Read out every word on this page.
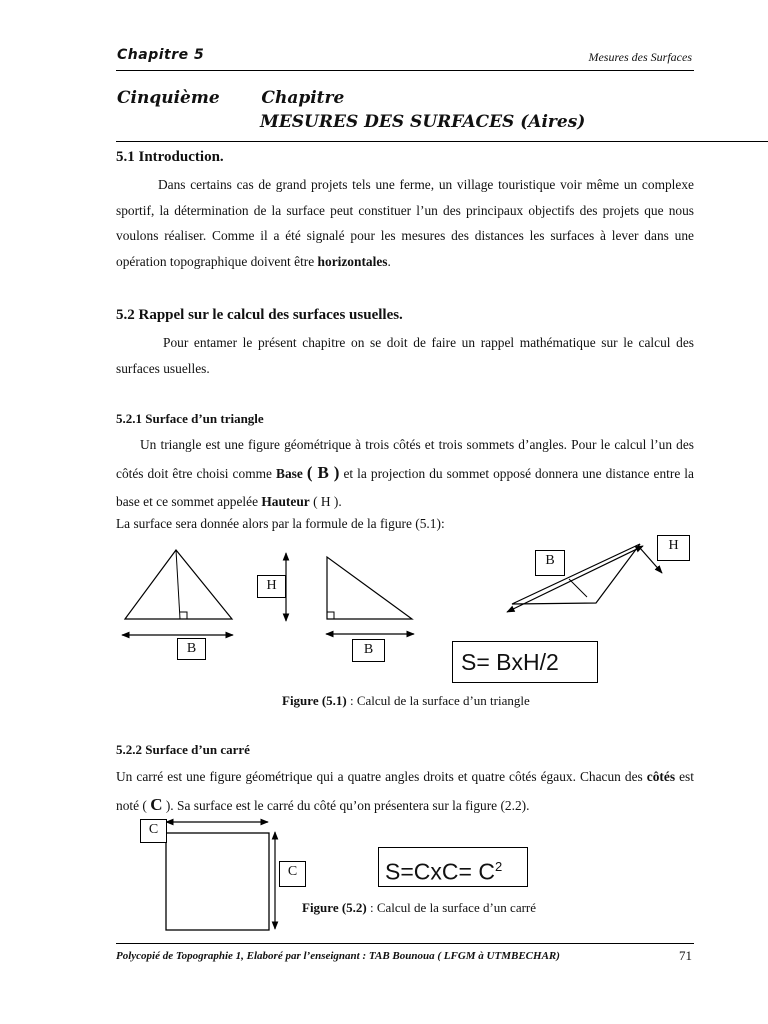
Chapitre 5	Mesures des Surfaces
Cinquième   Chapitre
MESURES DES SURFACES (Aires)
5.1 Introduction.

Dans certains cas de grand projets tels une ferme, un village touristique voir même un complexe sportif, la détermination de la surface peut constituer l’un des principaux objectifs des projets que nous voulons réaliser. Comme il a été signalé pour les mesures des distances les surfaces à lever dans une opération topographique doivent être horizontales.

5.2 Rappel sur le calcul des surfaces usuelles.
Pour entamer le présent chapitre on se doit de faire un rappel mathématique sur le calcul des surfaces usuelles.
5.2.1 Surface d’un triangle

Un triangle est une figure géométrique à trois côtés et trois sommets d’angles. Pour le calcul l’un des côtés doit être choisi comme Base ( B ) et la projection du sommet opposé donnera une distance entre la base et ce sommet appelée Hauteur ( H ).

La surface sera donnée alors par la formule de la figure (5.1):
B
H
B
B
H
S= BxH/2
Figure (5.1) : Calcul de la surface d’un triangle
5.2.2 Surface d’un carré

Un carré est une figure géométrique qui a quatre angles droits et quatre côtés égaux. Chacun des côtés est noté ( C ). Sa surface est le carré du côté qu’on présentera sur la figure (2.2).

C
C	$S=CxC= C^2$
Figure (5.2) : Calcul de la surface d’un carré
Polycopié de Topographie 1, Elaboré par l’enseignant : TAB Bounoua ( LFGM à UTMBECHAR)	71
